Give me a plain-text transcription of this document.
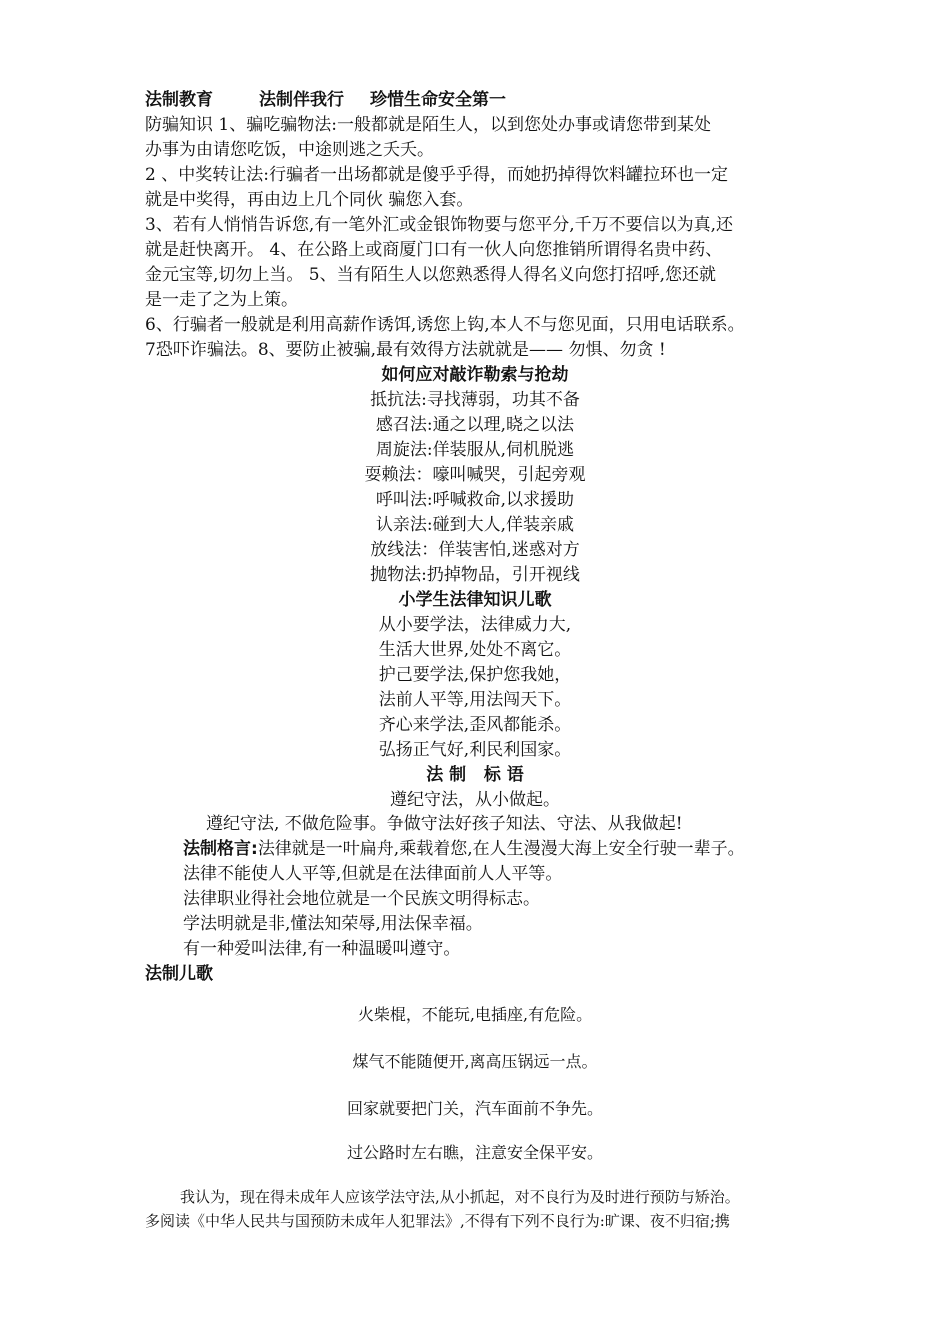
法制教育	法制伴我行 珍惜生命安全第一
防骗知识 1、骗吃骗物法:一般都就是陌生人，以到您处办事或请您带到某处
办事为由请您吃饭，中途则逃之夭夭。
2 、中奖转让法:行骗者一出场都就是傻乎乎得，而她扔掉得饮料罐拉环也一定
就是中奖得，再由边上几个同伙 骗您入套。
3、若有人悄悄告诉您,有一笔外汇或金银饰物要与您平分,千万不要信以为真,还
就是赶快离开。 4、在公路上或商厦门口有一伙人向您推销所谓得名贵中药、
金元宝等,切勿上当。 5、当有陌生人以您熟悉得人得名义向您打招呼,您还就
是一走了之为上策。
6、行骗者一般就是利用高薪作诱饵,诱您上钩,本人不与您见面，只用电话联系。
7恐吓诈骗法。8、要防止被骗,最有效得方法就就是—— 勿惧、勿贪 !
如何应对敲诈勒索与抢劫
抵抗法:寻找薄弱，功其不备
感召法:通之以理,晓之以法
周旋法:佯装服从,伺机脱逃
耍赖法：嚎叫喊哭，引起旁观
呼叫法:呼喊救命,以求援助
认亲法:碰到大人,佯装亲戚
放线法：佯装害怕,迷惑对方
抛物法:扔掉物品，引开视线
小学生法律知识儿歌
从小要学法，法律威力大,
生活大世界,处处不离它。
护己要学法,保护您我她，
法前人平等,用法闯天下。
齐心来学法,歪风都能杀。
弘扬正气好,利民利国家。
法 制   标 语
遵纪守法，从小做起。
遵纪守法, 不做危险事。争做守法好孩子知法、守法、从我做起!
法制格言:法律就是一叶扁舟,乘载着您,在人生漫漫大海上安全行驶一辈子。
法律不能使人人平等,但就是在法律面前人人平等。
法律职业得社会地位就是一个民族文明得标志。
学法明就是非,懂法知荣辱,用法保幸福。
有一种爱叫法律,有一种温暖叫遵守。
法制儿歌
火柴棍，不能玩,电插座,有危险。
煤气不能随便开,离高压锅远一点。
回家就要把门关，汽车面前不争先。
过公路时左右瞧，注意安全保平安。
我认为，现在得未成年人应该学法守法,从小抓起，对不良行为及时进行预防与矫治。
多阅读《中华人民共与国预防未成年人犯罪法》,不得有下列不良行为:旷课、夜不归宿;携
